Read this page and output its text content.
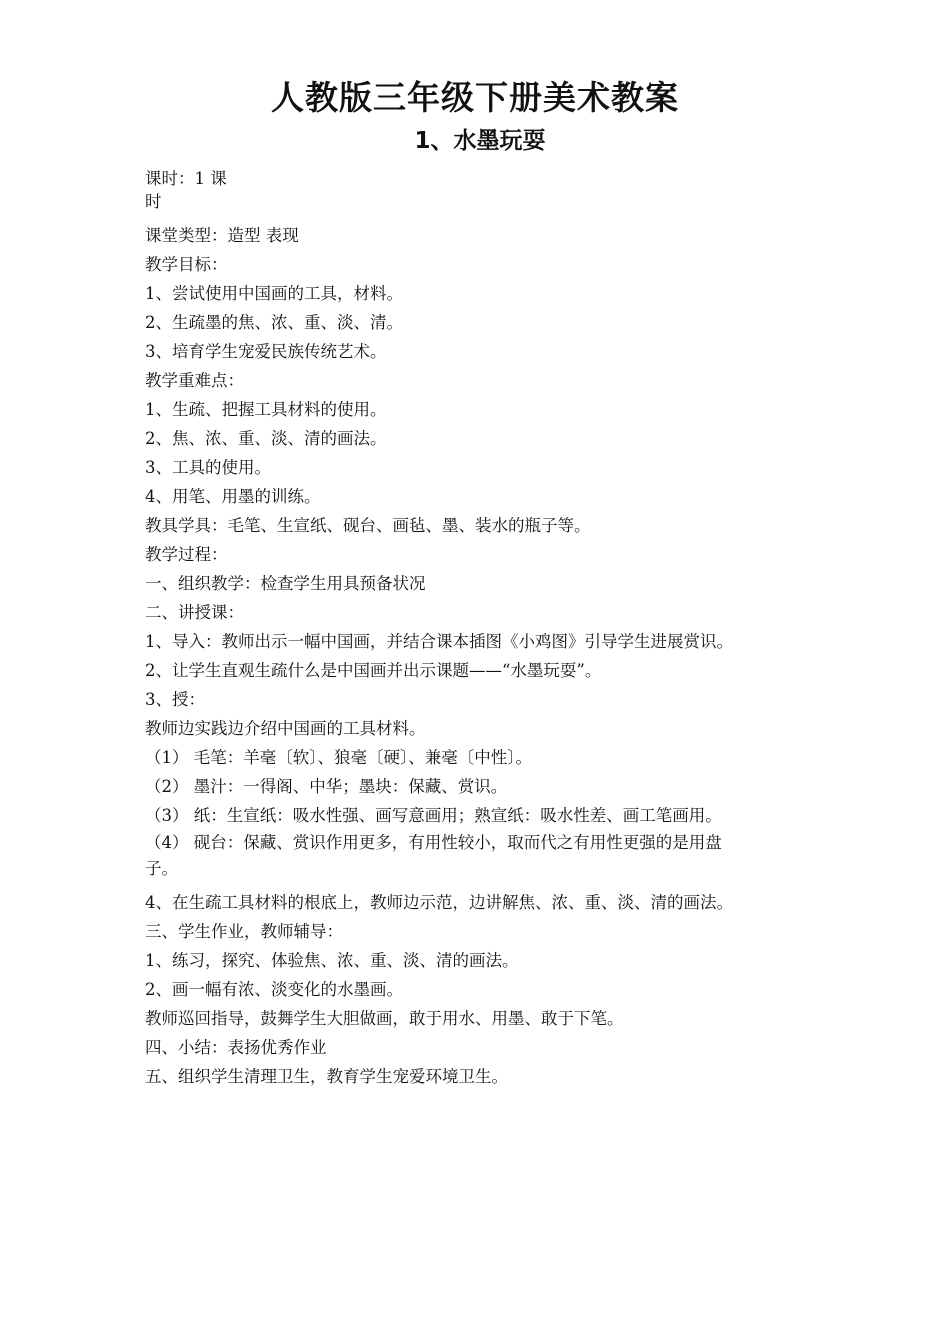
人教版三年级下册美术教案
1、水墨玩耍
课时：1 课
时
课堂类型：造型 表现
教学目标：
1、尝试使用中国画的工具，材料。
2、生疏墨的焦、浓、重、淡、清。
3、培育学生宠爱民族传统艺术。
教学重难点：
1、生疏、把握工具材料的使用。
2、焦、浓、重、淡、清的画法。
3、工具的使用。
4、用笔、用墨的训练。
教具学具：毛笔、生宣纸、砚台、画毡、墨、装水的瓶子等。
教学过程：
一、组织教学：检查学生用具预备状况
二、讲授课：
1、导入：教师出示一幅中国画，并结合课本插图《小鸡图》引导学生进展赏识。
2、让学生直观生疏什么是中国画并出示课题——“水墨玩耍”。
3、授：
教师边实践边介绍中国画的工具材料。
（1） 毛笔：羊毫〔软〕、狼毫〔硬〕、兼毫〔中性〕。
（2） 墨汁：一得阁、中华；墨块：保藏、赏识。
（3） 纸：生宣纸：吸水性强、画写意画用；熟宣纸：吸水性差、画工笔画用。
（4） 砚台：保藏、赏识作用更多，有用性较小，取而代之有用性更强的是用盘
子。
4、在生疏工具材料的根底上，教师边示范，边讲解焦、浓、重、淡、清的画法。
三、学生作业，教师辅导：
1、练习，探究、体验焦、浓、重、淡、清的画法。
2、画一幅有浓、淡变化的水墨画。
教师巡回指导，鼓舞学生大胆做画，敢于用水、用墨、敢于下笔。
四、小结：表扬优秀作业
五、组织学生清理卫生，教育学生宠爱环境卫生。
